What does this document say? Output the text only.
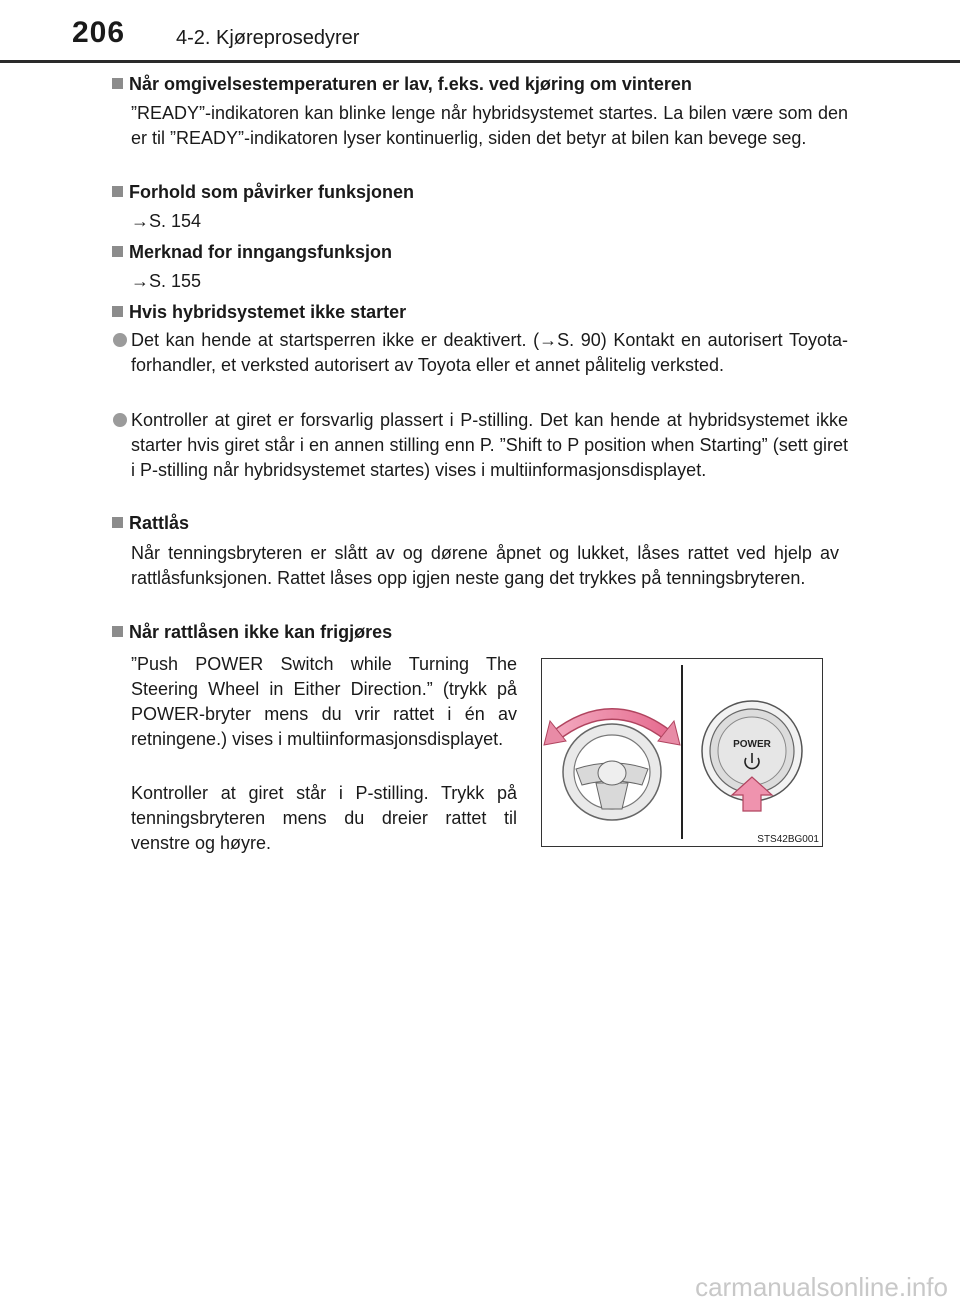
206	4-2. Kjøreprosedyrer
Når omgivelsestemperaturen er lav, f.eks. ved kjøring om vinteren
”READY”-indikatoren kan blinke lenge når hybridsystemet startes. La bilen være som den er til ”READY”-indikatoren lyser kontinuerlig, siden det betyr at bilen kan bevege seg.
Forhold som påvirker funksjonen
→S. 154
Merknad for inngangsfunksjon
→S. 155
Hvis hybridsystemet ikke starter
Det kan hende at startsperren ikke er deaktivert. (→S. 90) Kontakt en autorisert Toyota-forhandler, et verksted autorisert av Toyota eller et annet pålitelig verksted.
Kontroller at giret er forsvarlig plassert i P-stilling. Det kan hende at hybridsystemet ikke starter hvis giret står i en annen stilling enn P. ”Shift to P position when Starting” (sett giret i P-stilling når hybridsystemet startes) vises i multiinformasjonsdisplayet.
Rattlås
Når tenningsbryteren er slått av og dørene åpnet og lukket, låses rattet ved hjelp av rattlåsfunksjonen. Rattet låses opp igjen neste gang det trykkes på tenningsbryteren.
Når rattlåsen ikke kan frigjøres
”Push POWER Switch while Turning The Steering Wheel in Either Direction.” (trykk på POWER-bryter mens du vrir rattet i én av retningene.) vises i multiinformasjonsdisplayet.
Kontroller at giret står i P-stilling. Trykk på tenningsbryteren mens du dreier rattet til venstre og høyre.
POWER
STS42BG001
carmanualsonline.info
